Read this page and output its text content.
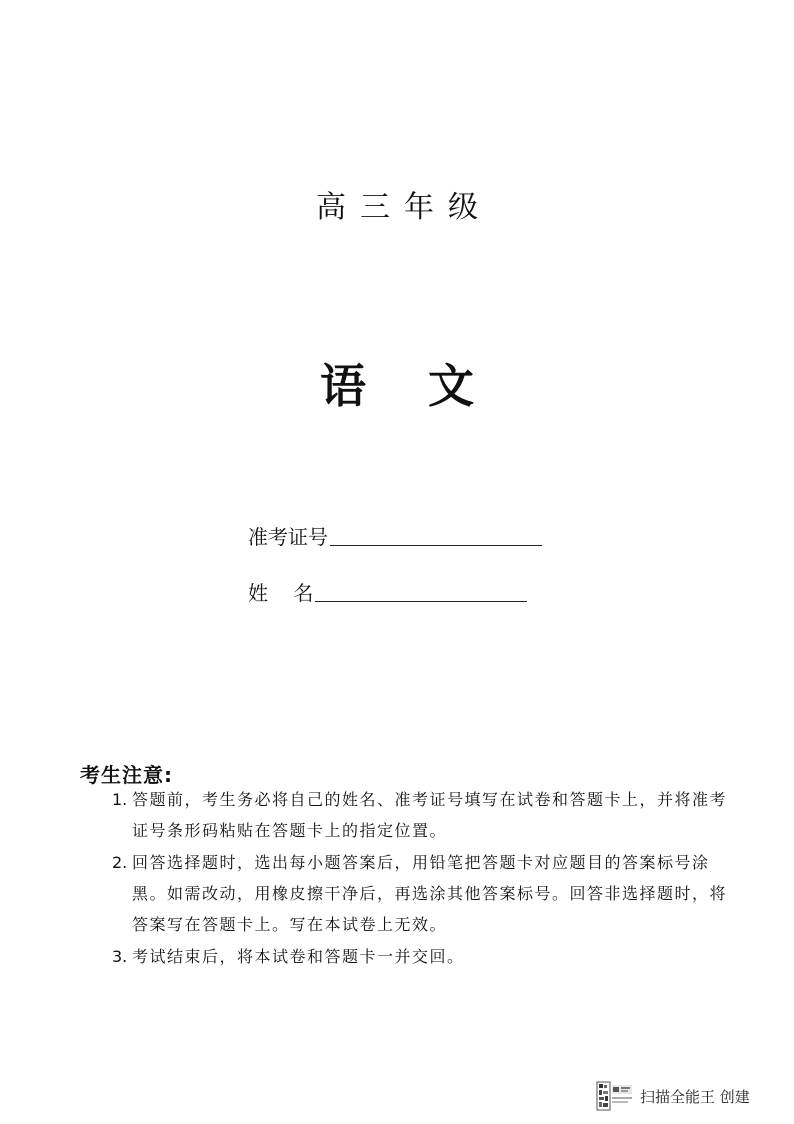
高三年级
语文
准考证号
姓    名
考生注意:
1. 答题前，考生务必将自己的姓名、准考证号填写在试卷和答题卡上，并将准考证号条形码粘贴在答题卡上的指定位置。
2. 回答选择题时，选出每小题答案后，用铅笔把答题卡对应题目的答案标号涂黑。如需改动，用橡皮擦干净后，再选涂其他答案标号。回答非选择题时，将答案写在答题卡上。写在本试卷上无效。
3. 考试结束后，将本试卷和答题卡一并交回。
扫描全能王 创建
